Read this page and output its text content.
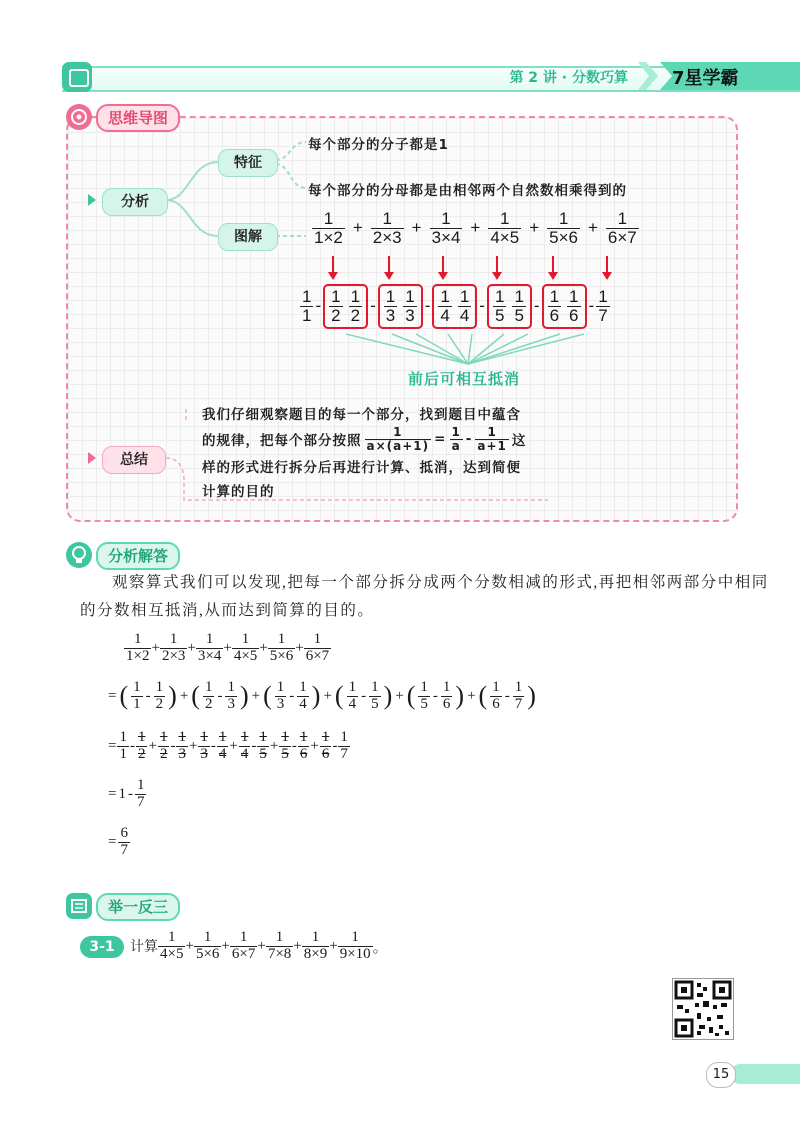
第 2 讲 · 分数巧算 7星学霸
思维导图
分析
特征
图解
每个部分的分子都是1
每个部分的分母都是由相邻两个自然数相乘得到的
$\frac{1}{1\times 2} + \frac{1}{2\times 3} + \frac{1}{3\times 4} + \frac{1}{4\times 5} + \frac{1}{5\times 6} + \frac{1}{6\times 7}$
$\frac{1}{1} - \frac{1}{2} \frac{1}{2} - \frac{1}{3} \frac{1}{3} - \frac{1}{4} \frac{1}{4} - \frac{1}{5} \frac{1}{5} - \frac{1}{6} \frac{1}{6} - \frac{1}{7}$
前后可相互抵消
总结
我们仔细观察题目的每一个部分，找到题目中蕴含
的规律，把每个部分按照 $\frac{1}{a\times(a+1)} = \frac{1}{a} - \frac{1}{a+1}$ 这
样的形式进行拆分后再进行计算、抵消，达到简便
计算的目的
分析解答
观察算式我们可以发现,把每一个部分拆分成两个分数相减的形式,再把相邻两部分中相同
的分数相互抵消,从而达到简算的目的。
$\frac{1}{1\times 2} + \frac{1}{2\times 3} + \frac{1}{3\times 4} + \frac{1}{4\times 5} + \frac{1}{5\times 6} + \frac{1}{6\times 7}$
= ( $\frac{1}{1} - \frac{1}{2}$ ) + ( $\frac{1}{2} - \frac{1}{3}$ ) + ( $\frac{1}{3} - \frac{1}{4}$ ) + ( $\frac{1}{4} - \frac{1}{5}$ ) + ( $\frac{1}{5} - \frac{1}{6}$ ) + ( $\frac{1}{6} - \frac{1}{7}$ )
= $\frac{1}{1} - \frac{1}{2} + \frac{1}{2} - \frac{1}{3} + \frac{1}{3} - \frac{1}{4} + \frac{1}{4} - \frac{1}{5} + \frac{1}{5} - \frac{1}{6} + \frac{1}{6} - \frac{1}{7}$
= $1 - \frac{1}{7}$
= $\frac{6}{7}$
举一反三
3-1	计算 $\frac{1}{4\times 5} + \frac{1}{5\times 6} + \frac{1}{6\times 7} + \frac{1}{7\times 8} + \frac{1}{8\times 9} + \frac{1}{9\times 10}$ 。
15
